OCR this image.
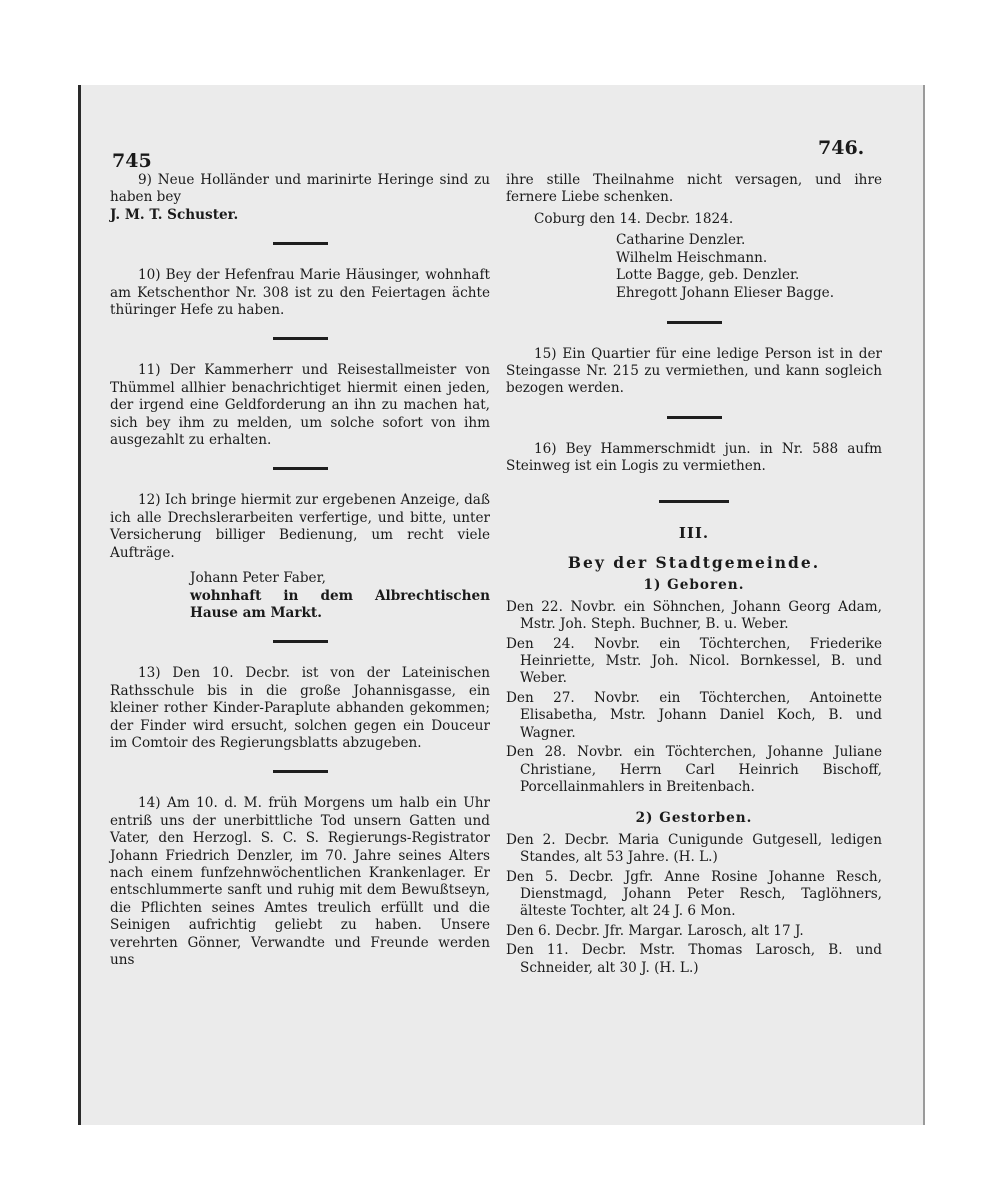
745
746.

9) Neue Holländer und marinirte Heringe sind zu haben bey

J. M. T. Schuster.

10) Bey der Hefenfrau Marie Häusinger, wohnhaft am Ketschenthor Nr. 308 ist zu den Feiertagen ächte thüringer Hefe zu haben.

11) Der Kammerherr und Reisestallmeister von Thümmel allhier benachrichtiget hiermit einen jeden, der irgend eine Geldforderung an ihn zu machen hat, sich bey ihm zu melden, um solche sofort von ihm ausgezahlt zu erhalten.

12) Ich bringe hiermit zur ergebenen Anzeige, daß ich alle Drechslerarbeiten verfertige, und bitte, unter Versicherung billiger Bedienung, um recht viele Aufträge.

Johann Peter Faber,

wohnhaft in dem Albrechtischen Hause am Markt.

13) Den 10. Decbr. ist von der Lateinischen Rathsschule bis in die große Johannisgasse, ein kleiner rother Kinder-Paraplute abhanden gekommen; der Finder wird ersucht, solchen gegen ein Douceur im Comtoir des Regierungsblatts abzugeben.

14) Am 10. d. M. früh Morgens um halb ein Uhr entriß uns der unerbittliche Tod unsern Gatten und Vater, den Herzogl. S. C. S. Regierungs-Registrator Johann Friedrich Denzler, im 70. Jahre seines Alters nach einem funfzehnwöchentlichen Krankenlager. Er entschlummerte sanft und ruhig mit dem Bewußtseyn, die Pflichten seines Amtes treulich erfüllt und die Seinigen aufrichtig geliebt zu haben. Unsere verehrten Gönner, Verwandte und Freunde werden uns

ihre stille Theilnahme nicht versagen, und ihre fernere Liebe schenken.

Coburg den 14. Decbr. 1824.

Catharine Denzler.
Wilhelm Heischmann.
Lotte Bagge, geb. Denzler.
Ehregott Johann Elieser Bagge.

15) Ein Quartier für eine ledige Person ist in der Steingasse Nr. 215 zu vermiethen, und kann sogleich bezogen werden.

16) Bey Hammerschmidt jun. in Nr. 588 aufm Steinweg ist ein Logis zu vermiethen.

III.
Bey der Stadtgemeinde.
1) Geboren.

Den 22. Novbr. ein Söhnchen, Johann Georg Adam, Mstr. Joh. Steph. Buchner, B. u. Weber.

Den 24. Novbr. ein Töchterchen, Friederike Heinriette, Mstr. Joh. Nicol. Bornkessel, B. und Weber.

Den 27. Novbr. ein Töchterchen, Antoinette Elisabetha, Mstr. Johann Daniel Koch, B. und Wagner.

Den 28. Novbr. ein Töchterchen, Johanne Juliane Christiane, Herrn Carl Heinrich Bischoff, Porcellainmahlers in Breitenbach.

2) Gestorben.

Den 2. Decbr. Maria Cunigunde Gutgesell, ledigen Standes, alt 53 Jahre. (H. L.)

Den 5. Decbr. Jgfr. Anne Rosine Johanne Resch, Dienstmagd, Johann Peter Resch, Taglöhners, älteste Tochter, alt 24 J. 6 Mon.

Den 6. Decbr. Jfr. Margar. Larosch, alt 17 J.

Den 11. Decbr. Mstr. Thomas Larosch, B. und Schneider, alt 30 J. (H. L.)
